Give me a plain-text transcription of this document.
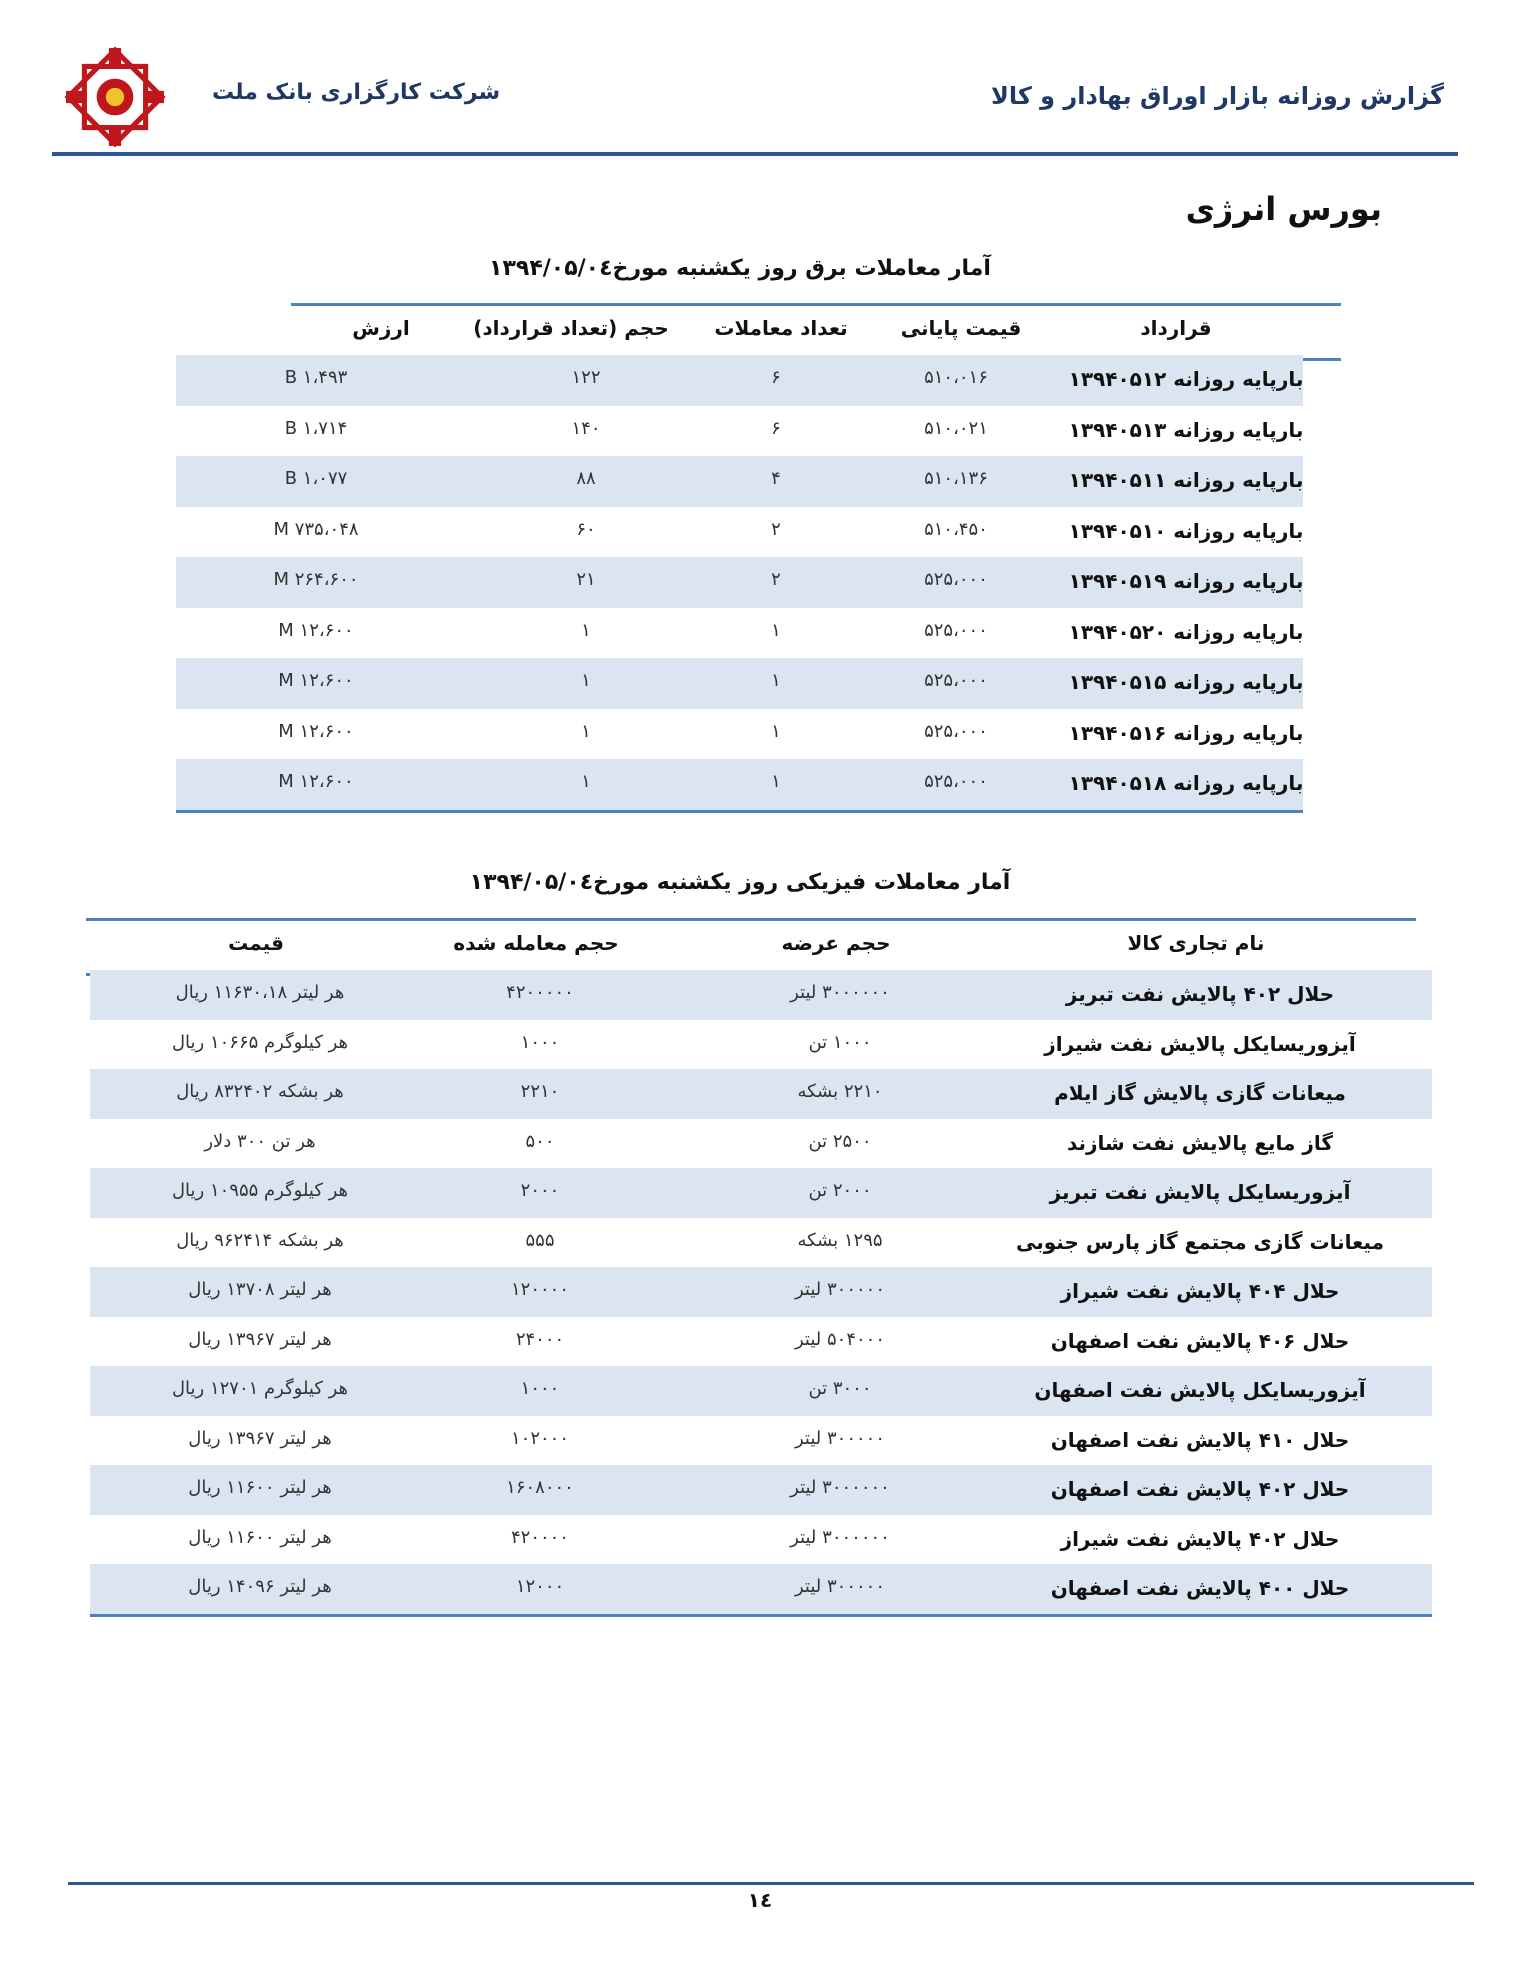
شرکت کارگزاری بانک ملت	گزارش روزانه بازار اوراق بهادار و کالا
بورس انرژی
آمار معاملات برق روز یکشنبه مورخ۱۳۹۴/۰۵/۰٤
قرارداد
قیمت پایانی
تعداد معاملات
حجم (تعداد قرارداد)
ارزش
بارپایه روزانه ۱۳۹۴۰۵۱۲
۵۱۰،۰۱۶
۶
۱۲۲
۱،۴۹۳ B
بارپایه روزانه ۱۳۹۴۰۵۱۳
۵۱۰،۰۲۱
۶
۱۴۰
۱،۷۱۴ B
بارپایه روزانه ۱۳۹۴۰۵۱۱
۵۱۰،۱۳۶
۴
۸۸
۱،۰۷۷ B
بارپایه روزانه ۱۳۹۴۰۵۱۰
۵۱۰،۴۵۰
۲
۶۰
۷۳۵،۰۴۸ M
بارپایه روزانه ۱۳۹۴۰۵۱۹
۵۲۵،۰۰۰
۲
۲۱
۲۶۴،۶۰۰ M
بارپایه روزانه ۱۳۹۴۰۵۲۰
۵۲۵،۰۰۰
۱
۱
۱۲،۶۰۰ M
بارپایه روزانه ۱۳۹۴۰۵۱۵
۵۲۵،۰۰۰
۱
۱
۱۲،۶۰۰ M
بارپایه روزانه ۱۳۹۴۰۵۱۶
۵۲۵،۰۰۰
۱
۱
۱۲،۶۰۰ M
بارپایه روزانه ۱۳۹۴۰۵۱۸
۵۲۵،۰۰۰
۱
۱
۱۲،۶۰۰ M
آمار معاملات فیزیکی روز یکشنبه مورخ۱۳۹۴/۰۵/۰٤
نام تجاری کالا
حجم عرضه
حجم معامله شده
قیمت
حلال ۴۰۲ پالایش نفت تبریز
۳۰۰۰۰۰۰ لیتر
۴۲۰۰۰۰۰
هر لیتر ۱۱۶۳۰،۱۸ ریال
آیزوریسایکل پالایش نفت شیراز
۱۰۰۰ تن
۱۰۰۰
هر کیلوگرم ۱۰۶۶۵ ریال
میعانات گازی پالایش گاز ایلام
۲۲۱۰ بشکه
۲۲۱۰
هر بشکه ۸۳۲۴۰۲ ریال
گاز مایع پالایش نفت شازند
۲۵۰۰ تن
۵۰۰
هر تن ۳۰۰ دلار
آیزوریسایکل پالایش نفت تبریز
۲۰۰۰ تن
۲۰۰۰
هر کیلوگرم ۱۰۹۵۵ ریال
میعانات گازی مجتمع گاز پارس جنوبی
۱۲۹۵ بشکه
۵۵۵
هر بشکه ۹۶۲۴۱۴ ریال
حلال ۴۰۴ پالایش نفت شیراز
۳۰۰۰۰۰ لیتر
۱۲۰۰۰۰
هر لیتر ۱۳۷۰۸ ریال
حلال ۴۰۶ پالایش نفت اصفهان
۵۰۴۰۰۰ لیتر
۲۴۰۰۰
هر لیتر ۱۳۹۶۷ ریال
آیزوریسایکل پالایش نفت اصفهان
۳۰۰۰ تن
۱۰۰۰
هر کیلوگرم ۱۲۷۰۱ ریال
حلال ۴۱۰ پالایش نفت اصفهان
۳۰۰۰۰۰ لیتر
۱۰۲۰۰۰
هر لیتر ۱۳۹۶۷ ریال
حلال ۴۰۲ پالایش نفت اصفهان
۳۰۰۰۰۰۰ لیتر
۱۶۰۸۰۰۰
هر لیتر ۱۱۶۰۰ ریال
حلال ۴۰۲ پالایش نفت شیراز
۳۰۰۰۰۰۰ لیتر
۴۲۰۰۰۰
هر لیتر ۱۱۶۰۰ ریال
حلال ۴۰۰ پالایش نفت اصفهان
۳۰۰۰۰۰ لیتر
۱۲۰۰۰
هر لیتر ۱۴۰۹۶ ریال
۱٤
